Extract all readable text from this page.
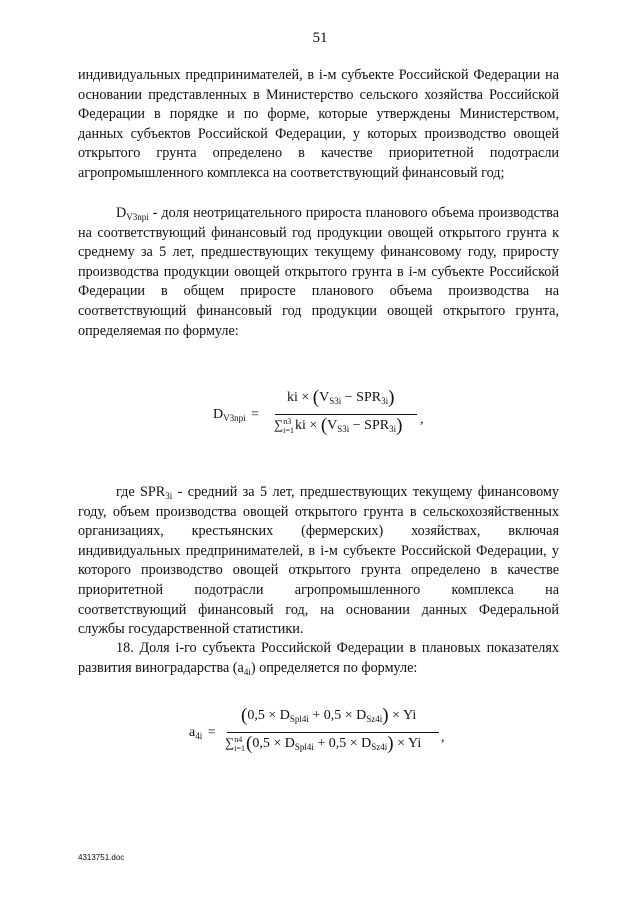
51

индивидуальных предпринимателей, в i-м субъекте Российской Федерации на основании представленных в Министерство сельского хозяйства Российской Федерации в порядке и по форме, которые утверждены Министерством, данных субъектов Российской Федерации, у которых производство овощей открытого грунта определено в качестве приоритетной подотрасли агропромышленного комплекса на соответствующий финансовый год;

$D_{V3npi}$ - доля неотрицательного прироста планового объема производства на соответствующий финансовый год продукции овощей открытого грунта к среднему за 5 лет, предшествующих текущему финансовому году, приросту производства продукции овощей открытого грунта в i-м субъекте Российской Федерации в общем приросте планового объема производства на соответствующий финансовый год продукции овощей открытого грунта, определяемая по формуле:

$D_{V3npi}$ =
ki × $(V_{S3i} - SPR_{3i})$
∑ n3
i=1 ki × $(V_{S3i} - SPR_{3i})$ ,

где $SPR_{3i}$ - средний за 5 лет, предшествующих текущему финансовому году, объем производства овощей открытого грунта в сельскохозяйственных организациях, крестьянских (фермерских) хозяйствах, включая индивидуальных предпринимателей, в i-м субъекте Российской Федерации, у которого производство овощей открытого грунта определено в качестве приоритетной подотрасли агропромышленного комплекса на соответствующий финансовый год, на основании данных Федеральной службы государственной статистики.

18. Доля i-го субъекта Российской Федерации в плановых показателях развития виноградарства $(a_{4i})$ определяется по формуле:

$a_{4i}$ =
$(0,5 \times D_{Spl4i} + 0,5 \times D_{Sz4i}) \times Yi$
∑ n4
i=1 $(0,5 \times D_{Spl4i} + 0,5 \times D_{Sz4i}) \times Yi$ ,
4313751.doc
